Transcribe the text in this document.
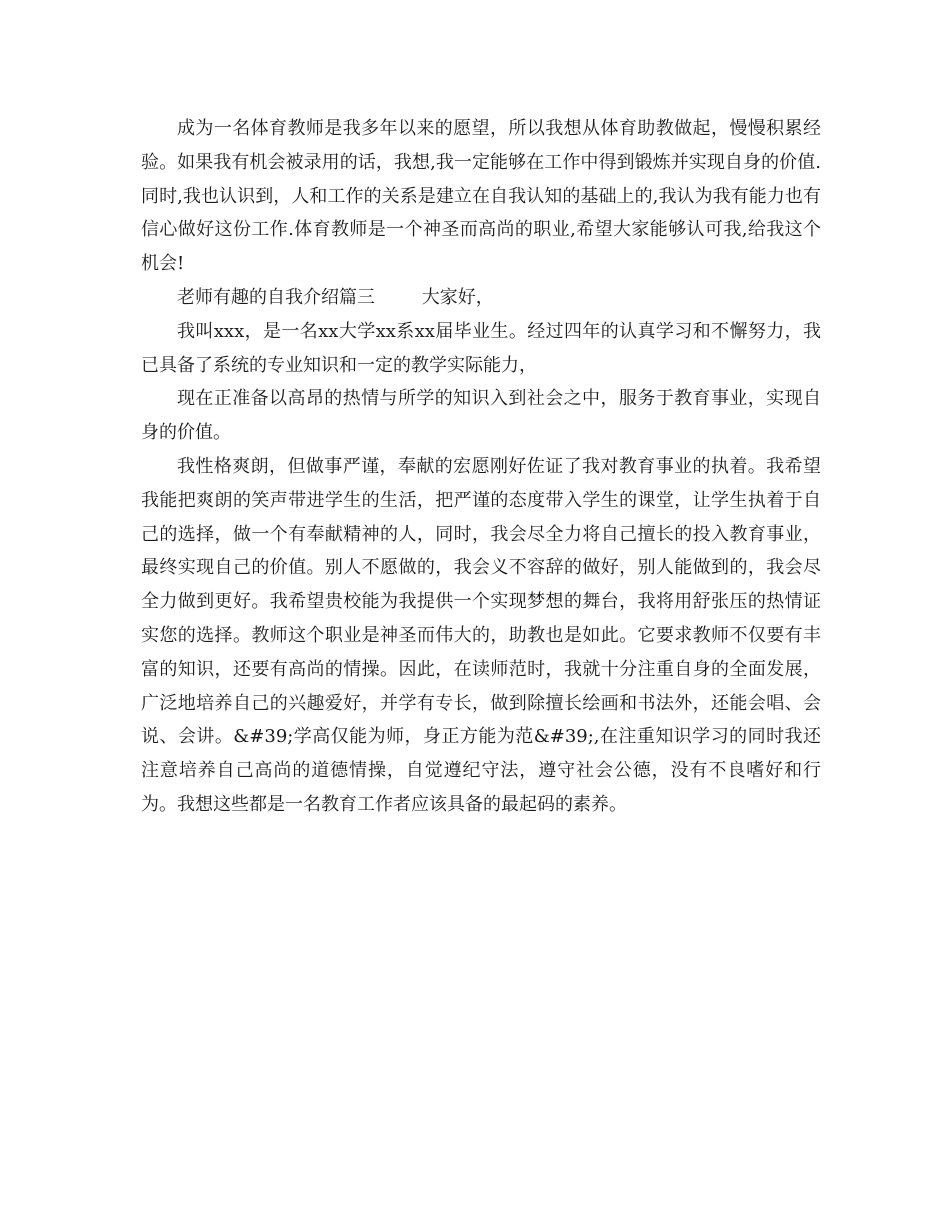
成为一名体育教师是我多年以来的愿望，所以我想从体育助教做起，慢慢积累经验。如果我有机会被录用的话，我想,我一定能够在工作中得到锻炼并实现自身的价值.同时,我也认识到，人和工作的关系是建立在自我认知的基础上的,我认为我有能力也有信心做好这份工作.体育教师是一个神圣而高尚的职业,希望大家能够认可我,给我这个机会!

老师有趣的自我介绍篇三	大家好，

我叫xxx，是一名xx大学xx系xx届毕业生。经过四年的认真学习和不懈努力，我已具备了系统的专业知识和一定的教学实际能力，

现在正准备以高昂的热情与所学的知识入到社会之中，服务于教育事业，实现自身的价值。

我性格爽朗，但做事严谨，奉献的宏愿刚好佐证了我对教育事业的执着。我希望我能把爽朗的笑声带进学生的生活，把严谨的态度带入学生的课堂，让学生执着于自己的选择，做一个有奉献精神的人，同时，我会尽全力将自己擅长的投入教育事业，最终实现自己的价值。别人不愿做的，我会义不容辞的做好，别人能做到的，我会尽全力做到更好。我希望贵校能为我提供一个实现梦想的舞台，我将用舒张压的热情证实您的选择。教师这个职业是神圣而伟大的，助教也是如此。它要求教师不仅要有丰富的知识，还要有高尚的情操。因此，在读师范时，我就十分注重自身的全面发展，广泛地培养自己的兴趣爱好，并学有专长，做到除擅长绘画和书法外，还能会唱、会说、会讲。&#39;学高仅能为师，身正方能为范&#39;,在注重知识学习的同时我还注意培养自己高尚的道德情操，自觉遵纪守法，遵守社会公德，没有不良嗜好和行为。我想这些都是一名教育工作者应该具备的最起码的素养。
